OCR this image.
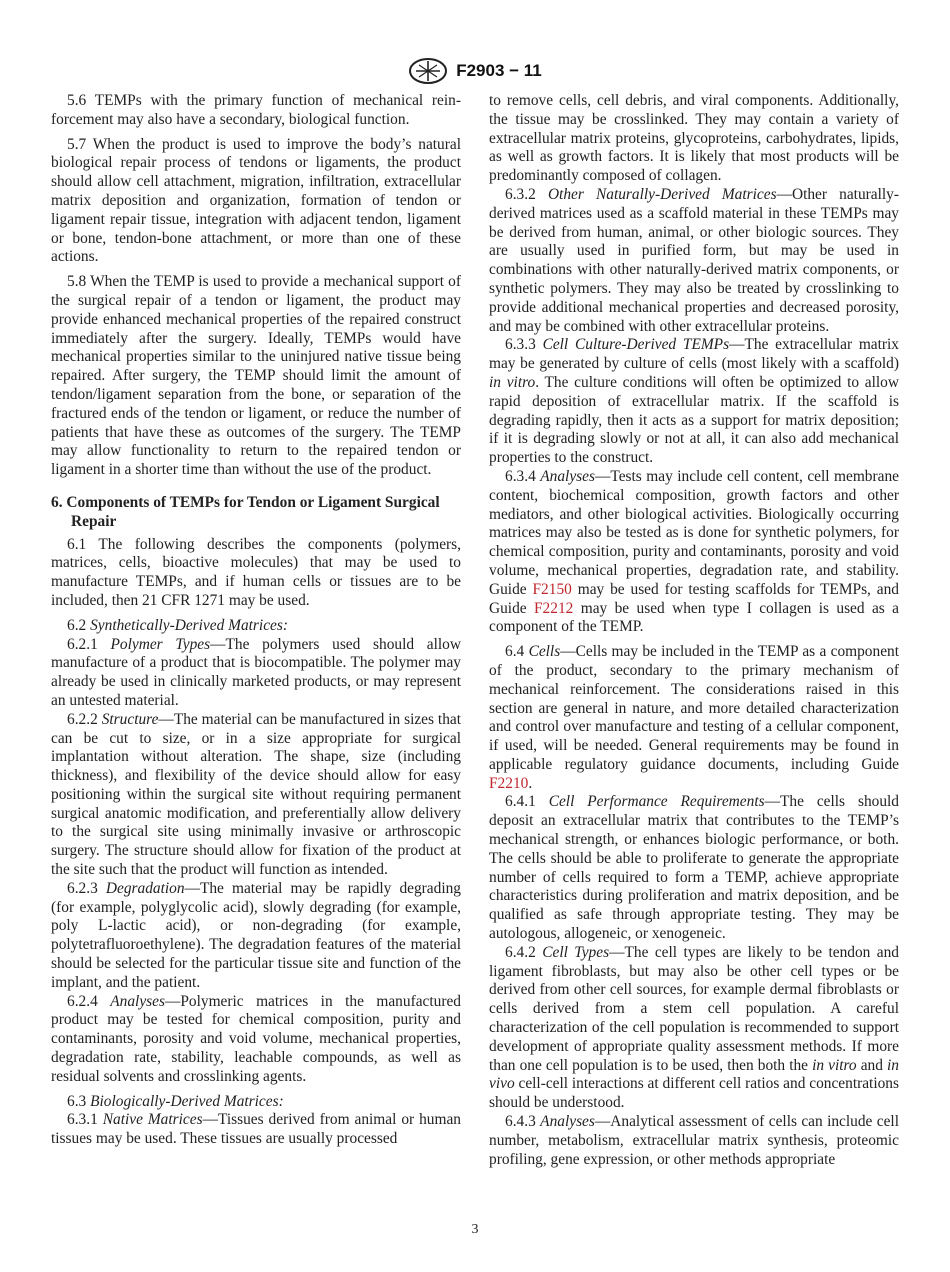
F2903 − 11

5.6 TEMPs with the primary function of mechanical reinforcement may also have a secondary, biological function.

5.7 When the product is used to improve the body’s natural biological repair process of tendons or ligaments, the product should allow cell attachment, migration, infiltration, extracellular matrix deposition and organization, formation of tendon or ligament repair tissue, integration with adjacent tendon, ligament or bone, tendon-bone attachment, or more than one of these actions.

5.8 When the TEMP is used to provide a mechanical support of the surgical repair of a tendon or ligament, the product may provide enhanced mechanical properties of the repaired construct immediately after the surgery. Ideally, TEMPs would have mechanical properties similar to the uninjured native tissue being repaired. After surgery, the TEMP should limit the amount of tendon/ligament separation from the bone, or separation of the fractured ends of the tendon or ligament, or reduce the number of patients that have these as outcomes of the surgery. The TEMP may allow functionality to return to the repaired tendon or ligament in a shorter time than without the use of the product.

6. Components of TEMPs for Tendon or Ligament Surgical Repair

6.1 The following describes the components (polymers, matrices, cells, bioactive molecules) that may be used to manufacture TEMPs, and if human cells or tissues are to be included, then 21 CFR 1271 may be used.

6.2 Synthetically-Derived Matrices:

6.2.1 Polymer Types—The polymers used should allow manufacture of a product that is biocompatible. The polymer may already be used in clinically marketed products, or may represent an untested material.

6.2.2 Structure—The material can be manufactured in sizes that can be cut to size, or in a size appropriate for surgical implantation without alteration. The shape, size (including thickness), and flexibility of the device should allow for easy positioning within the surgical site without requiring permanent surgical anatomic modification, and preferentially allow delivery to the surgical site using minimally invasive or arthroscopic surgery. The structure should allow for fixation of the product at the site such that the product will function as intended.

6.2.3 Degradation—The material may be rapidly degrading (for example, polyglycolic acid), slowly degrading (for example, poly L-lactic acid), or non-degrading (for example, polytetrafluoroethylene). The degradation features of the material should be selected for the particular tissue site and function of the implant, and the patient.

6.2.4 Analyses—Polymeric matrices in the manufactured product may be tested for chemical composition, purity and contaminants, porosity and void volume, mechanical properties, degradation rate, stability, leachable compounds, as well as residual solvents and crosslinking agents.

6.3 Biologically-Derived Matrices:

6.3.1 Native Matrices—Tissues derived from animal or human tissues may be used. These tissues are usually processed

to remove cells, cell debris, and viral components. Additionally, the tissue may be crosslinked. They may contain a variety of extracellular matrix proteins, glycoproteins, carbohydrates, lipids, as well as growth factors. It is likely that most products will be predominantly composed of collagen.

6.3.2 Other Naturally-Derived Matrices—Other naturally-derived matrices used as a scaffold material in these TEMPs may be derived from human, animal, or other biologic sources. They are usually used in purified form, but may be used in combinations with other naturally-derived matrix components, or synthetic polymers. They may also be treated by crosslinking to provide additional mechanical properties and decreased porosity, and may be combined with other extracellular proteins.

6.3.3 Cell Culture-Derived TEMPs—The extracellular matrix may be generated by culture of cells (most likely with a scaffold) in vitro. The culture conditions will often be optimized to allow rapid deposition of extracellular matrix. If the scaffold is degrading rapidly, then it acts as a support for matrix deposition; if it is degrading slowly or not at all, it can also add mechanical properties to the construct.

6.3.4 Analyses—Tests may include cell content, cell membrane content, biochemical composition, growth factors and other mediators, and other biological activities. Biologically occurring matrices may also be tested as is done for synthetic polymers, for chemical composition, purity and contaminants, porosity and void volume, mechanical properties, degradation rate, and stability. Guide F2150 may be used for testing scaffolds for TEMPs, and Guide F2212 may be used when type I collagen is used as a component of the TEMP.

6.4 Cells—Cells may be included in the TEMP as a component of the product, secondary to the primary mechanism of mechanical reinforcement. The considerations raised in this section are general in nature, and more detailed characterization and control over manufacture and testing of a cellular component, if used, will be needed. General requirements may be found in applicable regulatory guidance documents, including Guide F2210.

6.4.1 Cell Performance Requirements—The cells should deposit an extracellular matrix that contributes to the TEMP’s mechanical strength, or enhances biologic performance, or both. The cells should be able to proliferate to generate the appropriate number of cells required to form a TEMP, achieve appropriate characteristics during proliferation and matrix deposition, and be qualified as safe through appropriate testing. They may be autologous, allogeneic, or xenogeneic.

6.4.2 Cell Types—The cell types are likely to be tendon and ligament fibroblasts, but may also be other cell types or be derived from other cell sources, for example dermal fibroblasts or cells derived from a stem cell population. A careful characterization of the cell population is recommended to support development of appropriate quality assessment methods. If more than one cell population is to be used, then both the in vitro and in vivo cell-cell interactions at different cell ratios and concentrations should be understood.

6.4.3 Analyses—Analytical assessment of cells can include cell number, metabolism, extracellular matrix synthesis, proteomic profiling, gene expression, or other methods appropriate

3
